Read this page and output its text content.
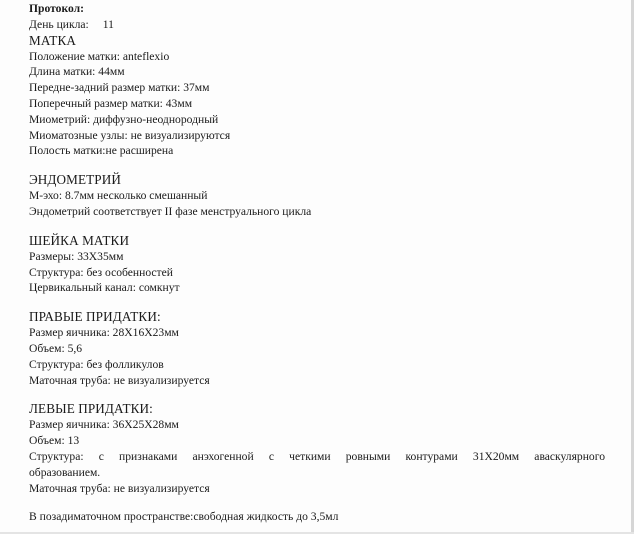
Протокол:
День цикла: 11
МАТКА
Положение матки: anteflexio
Длина матки: 44мм
Передне-задний размер матки: 37мм
Поперечный размер матки: 43мм
Миометрий: диффузно-неоднородный
Миоматозные узлы: не визуализируются
Полость матки:не расширена
ЭНДОМЕТРИЙ
М-эхо: 8.7мм несколько смешанный
Эндометрий соответствует II фазе менструального цикла
ШЕЙКА МАТКИ
Размеры: 33Х35мм
Структура: без особенностей
Цервикальный канал: сомкнут
ПРАВЫЕ ПРИДАТКИ:
Размер яичника: 28Х16Х23мм
Объем: 5,6
Структура: без фолликулов
Маточная труба: не визуализируется
ЛЕВЫЕ ПРИДАТКИ:
Размер яичника: 36Х25Х28мм
Объем: 13
Структура: с признаками анэхогенной с четкими ровными контурами 31Х20мм аваскулярного
образованием.
Маточная труба: не визуализируется
В позадиматочном пространстве:свободная жидкость до 3,5мл
